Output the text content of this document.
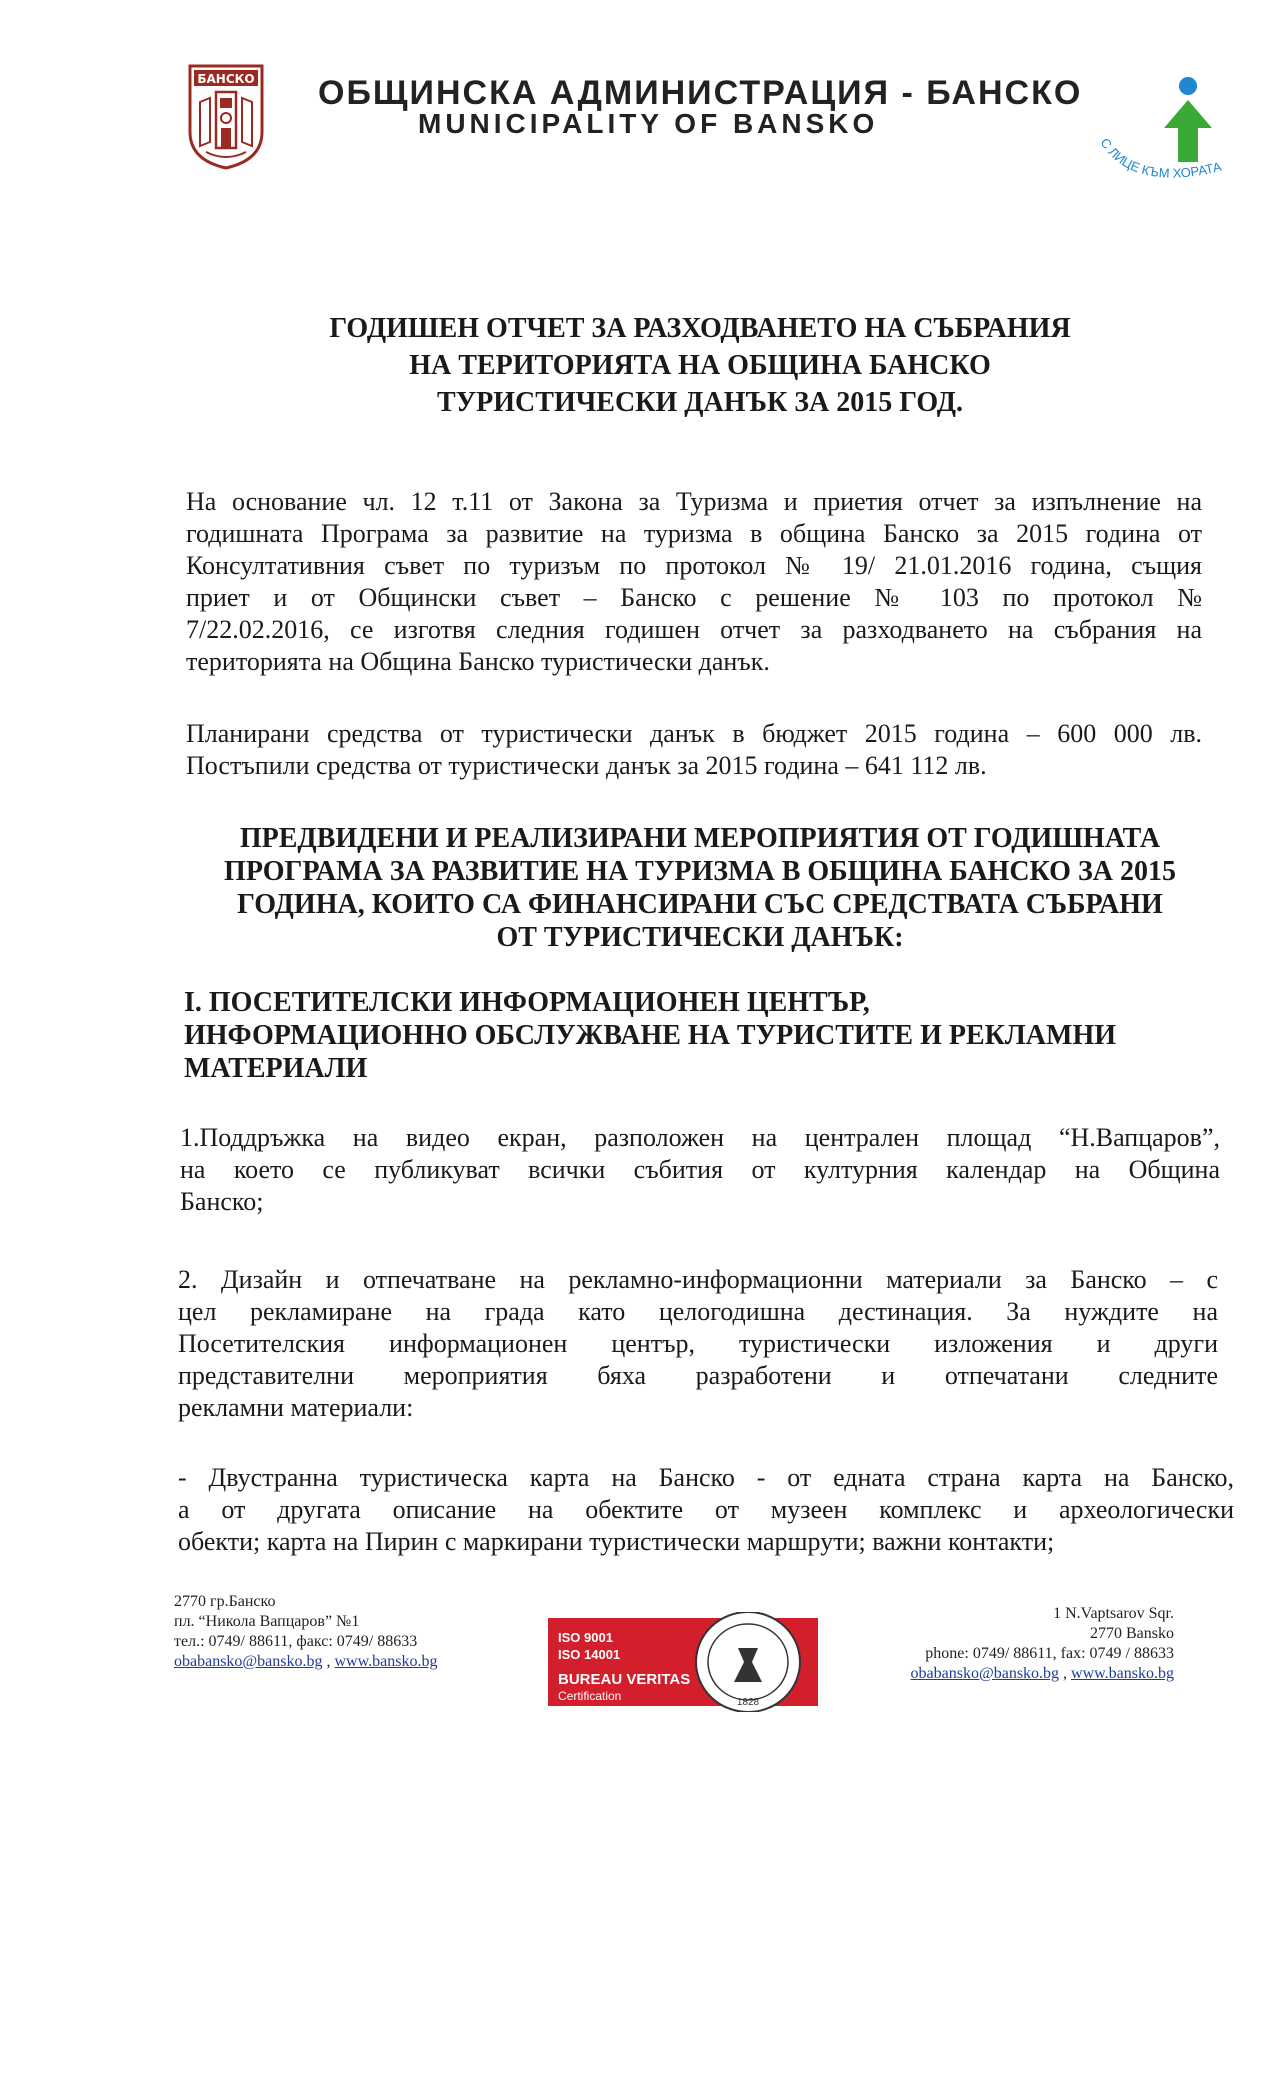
БАНСКО ОБЩИНСКА АДМИНИСТРАЦИЯ - БАНСКО
MUNICIPALITY OF BANSKO
С ЛИЦЕ КЪМ ХОРАТА
ГОДИШЕН ОТЧЕТ ЗА РАЗХОДВАНЕТО НА СЪБРАНИЯ
НА ТЕРИТОРИЯТА НА ОБЩИНА БАНСКО
ТУРИСТИЧЕСКИ ДАНЪК ЗА 2015 ГОД.
На основание чл. 12 т.11 от Закона за Туризма и приетия отчет за изпълнение на
годишната Програма за развитие на туризма в община Банско за 2015 година от
Консултативния съвет по туризъм по протокол № 19/ 21.01.2016 година, същия
приет и от Общински съвет – Банско с решение № 103 по протокол №
7/22.02.2016, се изготвя следния годишен отчет за разходването на събрания на
територията на Община Банско туристически данък.
Планирани средства от туристически данък в бюджет 2015 година – 600 000 лв.
Постъпили средства от туристически данък за 2015 година – 641 112 лв.
ПРЕДВИДЕНИ И РЕАЛИЗИРАНИ МЕРОПРИЯТИЯ ОТ ГОДИШНАТА
ПРОГРАМА ЗА РАЗВИТИЕ НА ТУРИЗМА В ОБЩИНА БАНСКО ЗА 2015
ГОДИНА, КОИТО СА ФИНАНСИРАНИ СЪС СРЕДСТВАТА СЪБРАНИ
ОТ ТУРИСТИЧЕСКИ ДАНЪК:
I. ПОСЕТИТЕЛСКИ ИНФОРМАЦИОНЕН ЦЕНТЪР,
ИНФОРМАЦИОННО ОБСЛУЖВАНЕ НА ТУРИСТИТЕ И РЕКЛАМНИ
МАТЕРИАЛИ
1.Поддръжка на видео екран, разположен на централен площад “Н.Вапцаров”,
на което се публикуват всички събития от културния календар на Община
Банско;
2. Дизайн и отпечатване на рекламно-информационни материали за Банско – с
цел рекламиране на града като целогодишна дестинация. За нуждите на
Посетителския информационен център, туристически изложения и други
представителни мероприятия бяха разработени и отпечатани следните
рекламни материали:
- Двустранна туристическа карта на Банско - от едната страна карта на Банско,
а от другата описание на обектите от музеен комплекс и археологически
обекти; карта на Пирин с маркирани туристически маршрути; важни контакти;
2770 гр.Банско
пл. “Никола Вапцаров” №1
тел.: 0749/ 88611, факс: 0749/ 88633
obabansko@bansko.bg , www.bansko.bg
ISO 9001
ISO 14001
BUREAU VERITAS
Certification	1828
1 N.Vaptsarov Sqr.
2770 Bansko
phone: 0749/ 88611, fax: 0749 / 88633
obabansko@bansko.bg , www.bansko.bg
